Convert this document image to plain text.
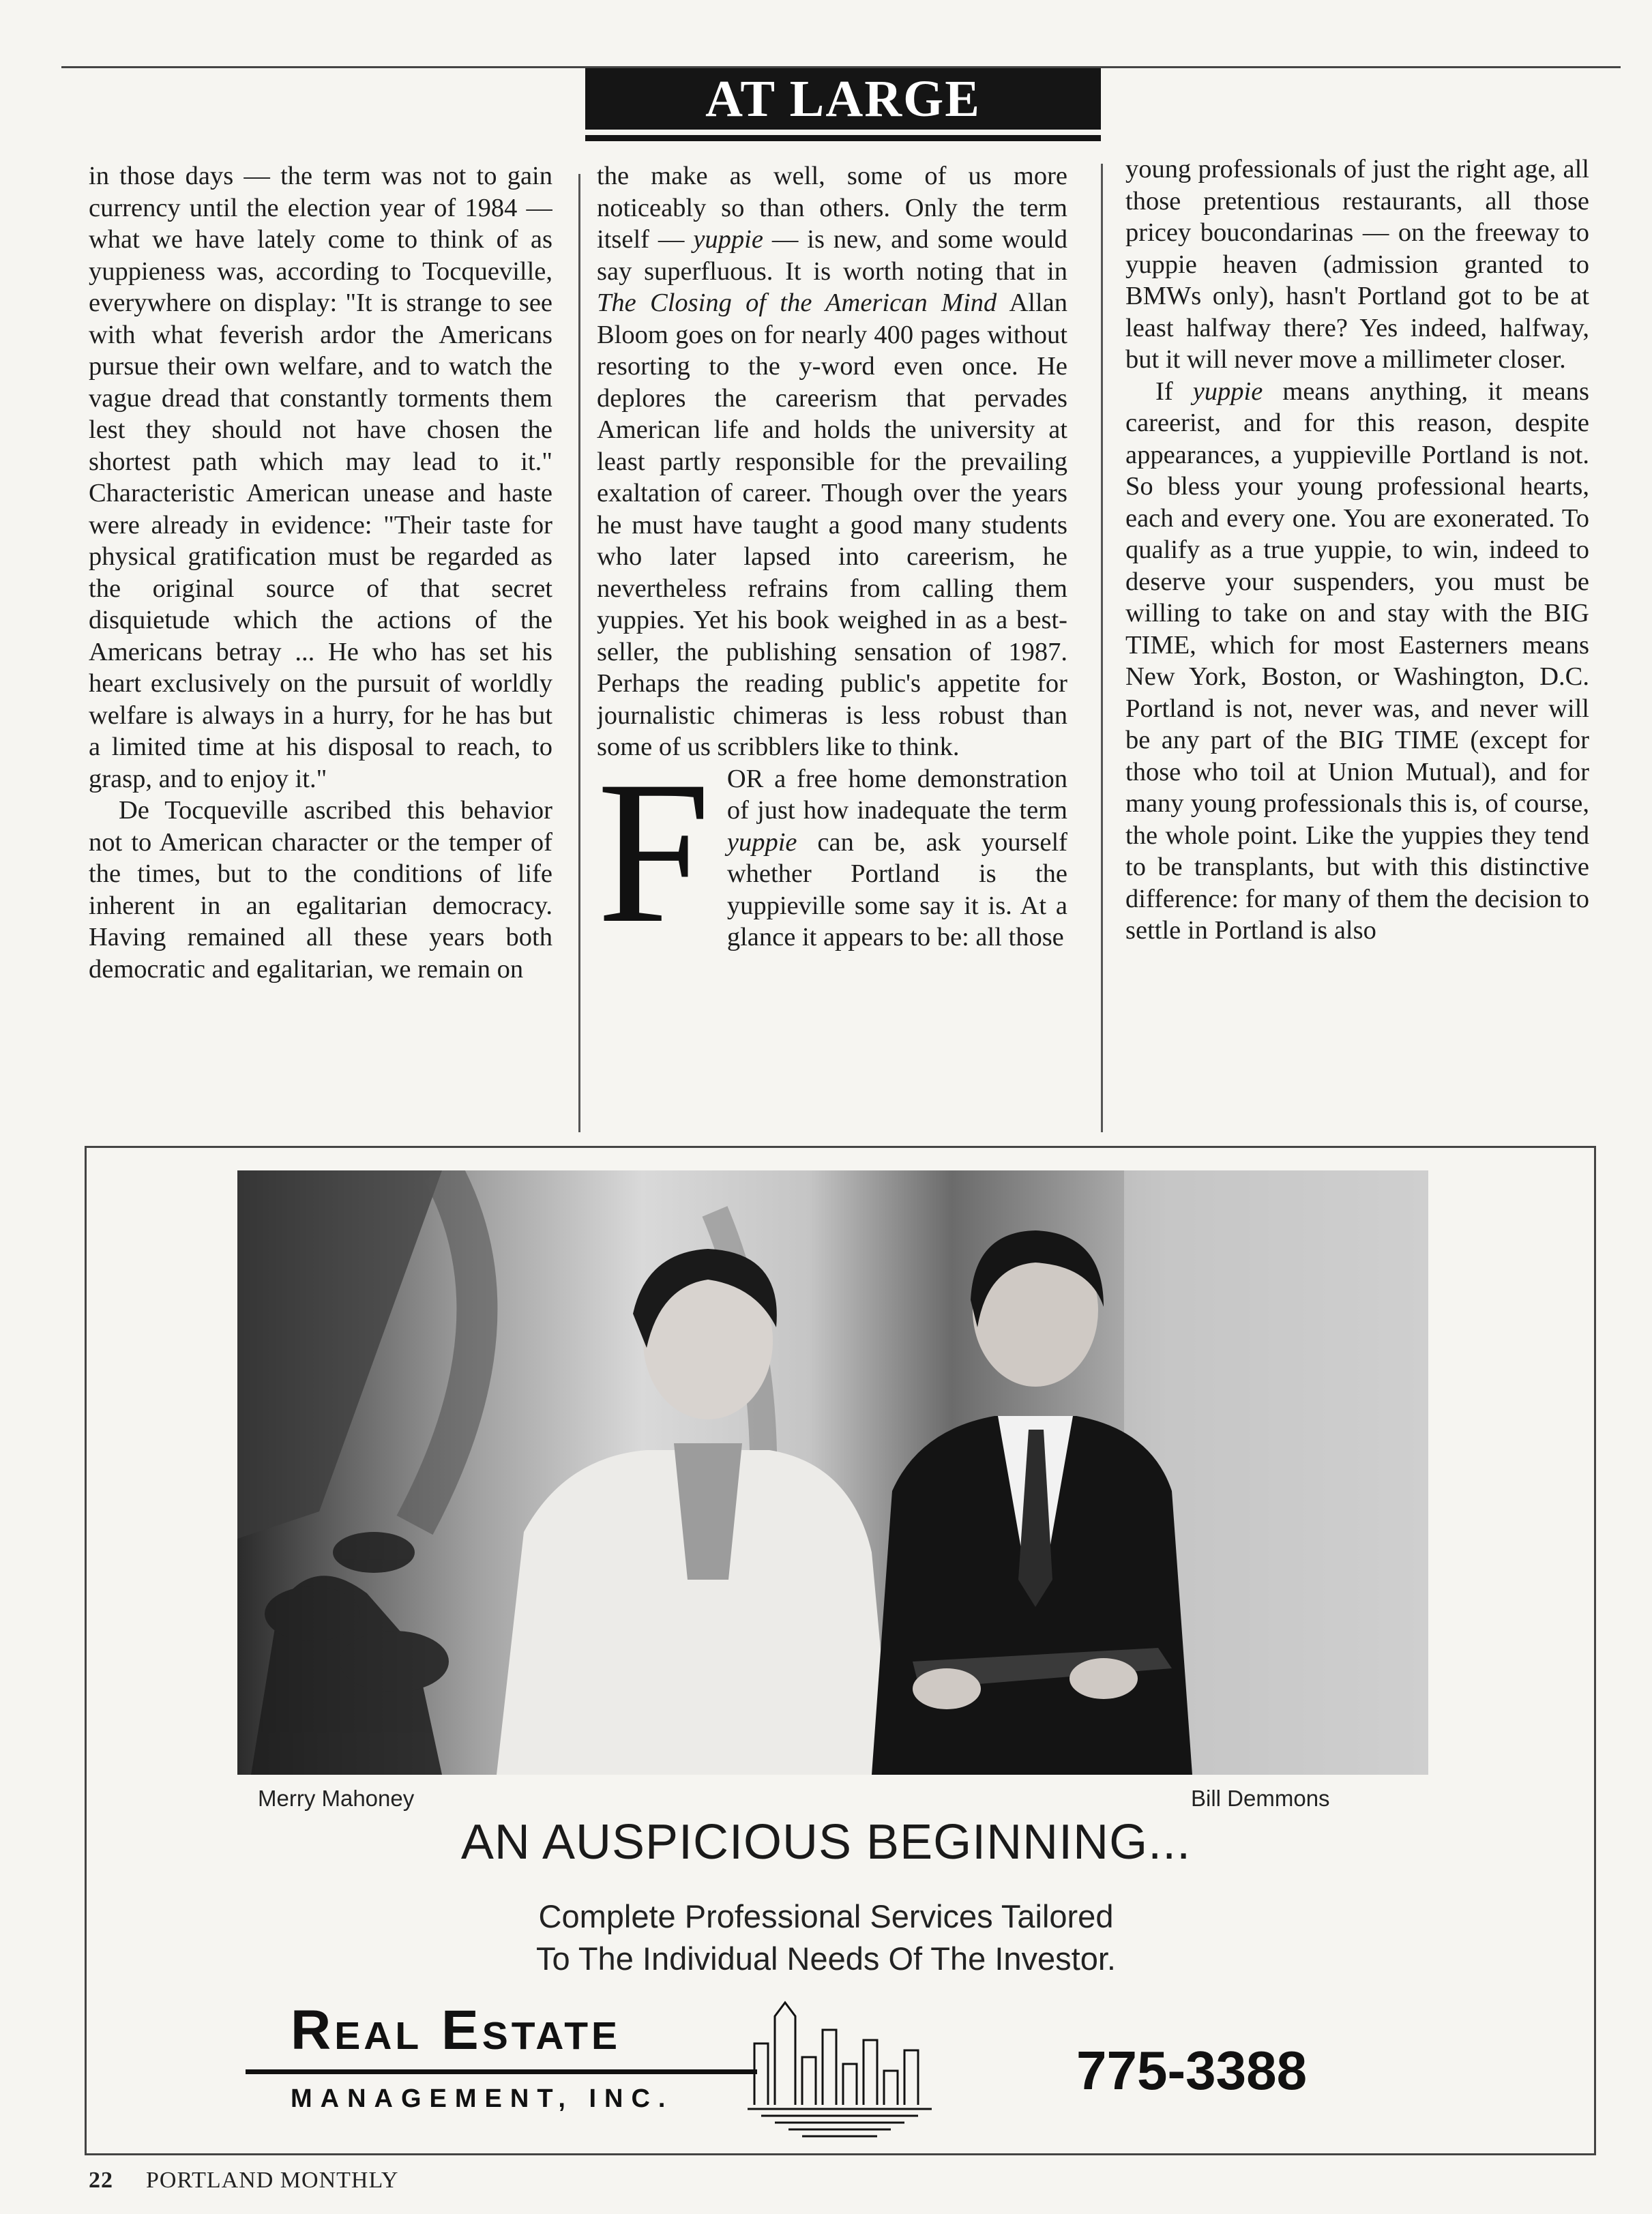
AT LARGE

in those days — the term was not to gain currency until the election year of 1984 — what we have lately come to think of as yuppieness was, according to Tocqueville, everywhere on display: "It is strange to see with what feverish ardor the Americans pursue their own welfare, and to watch the vague dread that constantly torments them lest they should not have chosen the shortest path which may lead to it." Characteristic American unease and haste were already in evidence: "Their taste for physical gratification must be regarded as the original source of that secret disquietude which the actions of the Americans betray ... He who has set his heart exclusively on the pursuit of worldly welfare is always in a hurry, for he has but a limited time at his disposal to reach, to grasp, and to enjoy it."

De Tocqueville ascribed this behavior not to American character or the temper of the times, but to the conditions of life inherent in an egalitarian democracy. Having remained all these years both democratic and egalitarian, we remain on

the make as well, some of us more noticeably so than others. Only the term itself — yuppie — is new, and some would say superfluous. It is worth noting that in The Closing of the American Mind Allan Bloom goes on for nearly 400 pages without resorting to the y-word even once. He deplores the careerism that pervades American life and holds the university at least partly responsible for the prevailing exaltation of career. Though over the years he must have taught a good many students who later lapsed into careerism, he nevertheless refrains from calling them yuppies. Yet his book weighed in as a best-seller, the publishing sensation of 1987. Perhaps the reading public's appetite for journalistic chimeras is less robust than some of us scribblers like to think.

FOR a free home demonstration of just how inadequate the term yuppie can be, ask yourself whether Portland is the yuppieville some say it is. At a glance it appears to be: all those

young professionals of just the right age, all those pretentious restaurants, all those pricey boucondarinas — on the freeway to yuppie heaven (admission granted to BMWs only), hasn't Portland got to be at least halfway there? Yes indeed, halfway, but it will never move a millimeter closer.

If yuppie means anything, it means careerist, and for this reason, despite appearances, a yuppieville Portland is not. So bless your young professional hearts, each and every one. You are exonerated. To qualify as a true yuppie, to win, indeed to deserve your suspenders, you must be willing to take on and stay with the BIG TIME, which for most Easterners means New York, Boston, or Washington, D.C. Portland is not, never was, and never will be any part of the BIG TIME (except for those who toil at Union Mutual), and for many young professionals this is, of course, the whole point. Like the yuppies they tend to be transplants, but with this distinctive difference: for many of them the decision to settle in Portland is also

Merry Mahoney	Bill Demmons
AN AUSPICIOUS BEGINNING...
Complete Professional Services Tailored
To The Individual Needs Of The Investor.
Real Estate
MANAGEMENT, INC.	775-3388
22 PORTLAND MONTHLY
